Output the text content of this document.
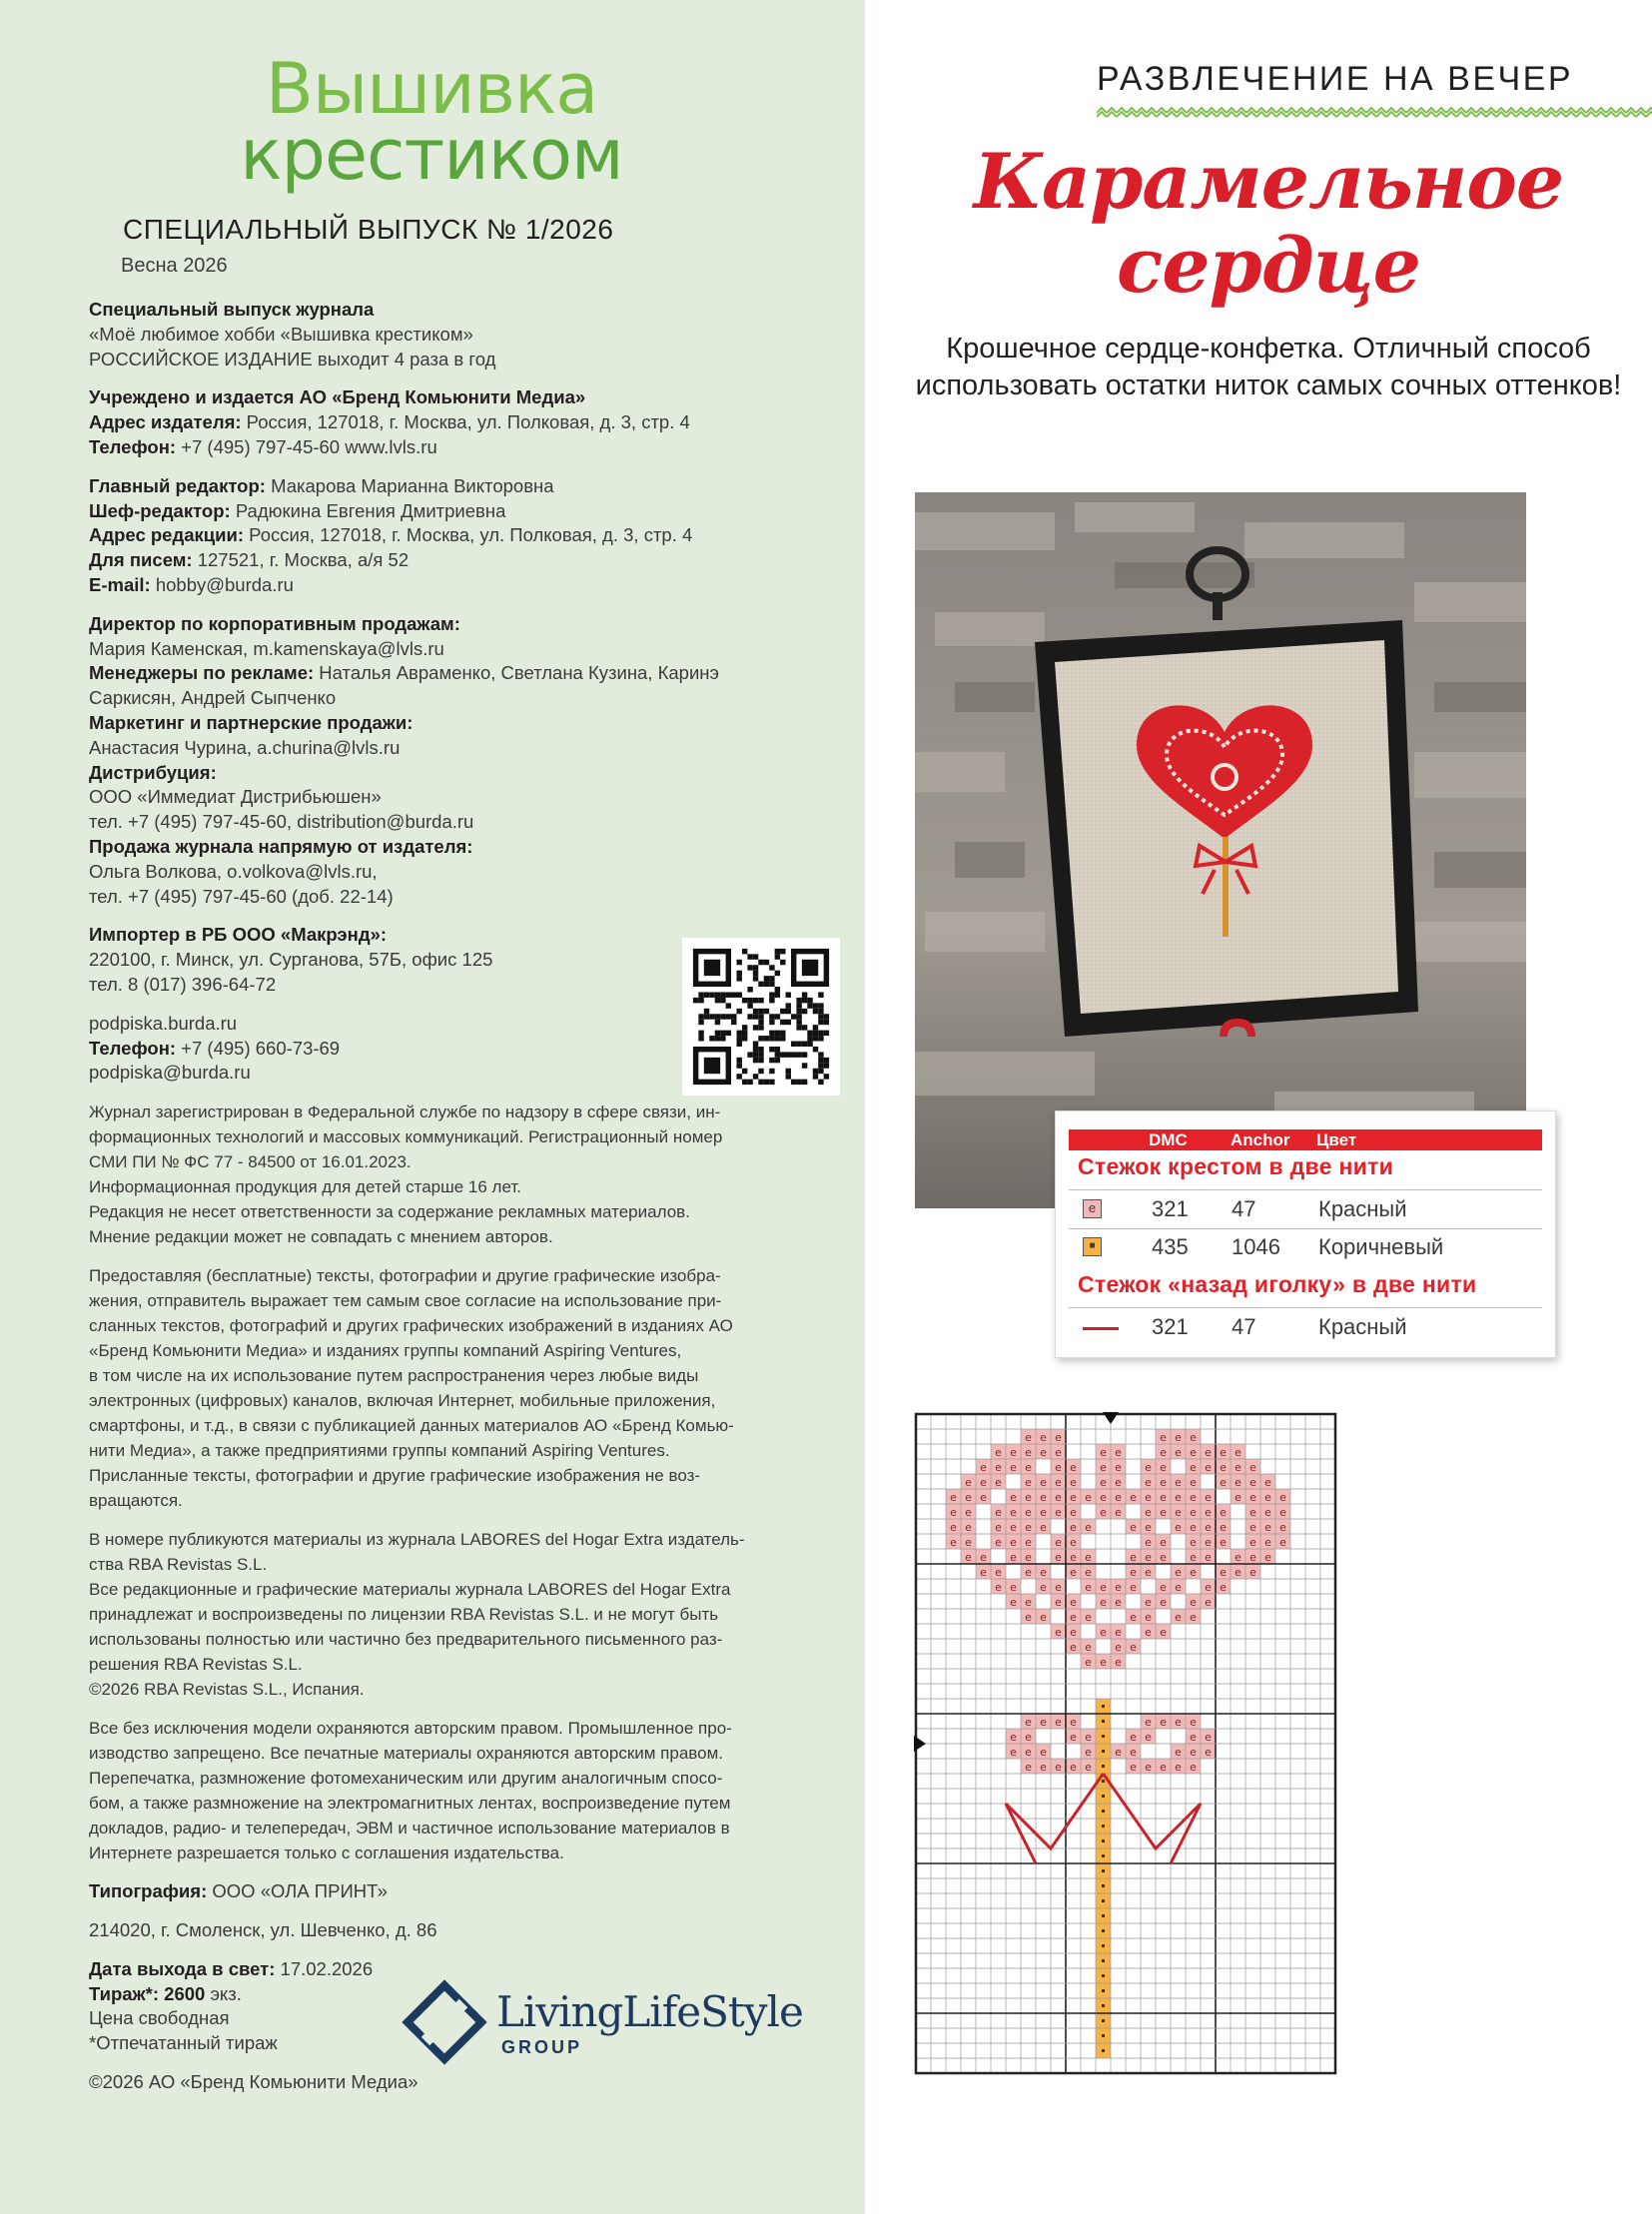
Вышивка
крестиком
СПЕЦИАЛЬНЫЙ ВЫПУСК № 1/2026
Весна 2026
Специальный выпуск журнала
«Моё любимое хобби «Вышивка крестиком»
РОССИЙСКОЕ ИЗДАНИЕ выходит 4 раза в год
Учреждено и издается АО «Бренд Комьюнити Медиа»
Адрес издателя: Россия, 127018, г. Москва, ул. Полковая, д. 3, стр. 4
Телефон: +7 (495) 797-45-60 www.lvls.ru
Главный редактор: Макарова Марианна Викторовна
Шеф-редактор: Радюкина Евгения Дмитриевна
Адрес редакции: Россия, 127018, г. Москва, ул. Полковая, д. 3, стр. 4
Для писем: 127521, г. Москва, а/я 52
E-mail: hobby@burda.ru
Директор по корпоративным продажам:
Мария Каменская, m.kamenskaya@lvls.ru
Менеджеры по рекламе: Наталья Авраменко, Светлана Кузина, Каринэ
Саркисян, Андрей Сыпченко
Маркетинг и партнерские продажи:
Анастасия Чурина, a.churina@lvls.ru
Дистрибуция:
ООО «Иммедиат Дистрибьюшен»
тел. +7 (495) 797-45-60, distribution@burda.ru
Продажа журнала напрямую от издателя:
Ольга Волкова, o.volkova@lvls.ru,
тел. +7 (495) 797-45-60 (доб. 22-14)
Импортер в РБ ООО «Макрэнд»:
220100, г. Минск, ул. Сурганова, 57Б, офис 125
тел. 8 (017) 396-64-72
podpiska.burda.ru
Телефон: +7 (495) 660-73-69
podpiska@burda.ru
Журнал зарегистрирован в Федеральной службе по надзору в сфере связи, ин-
формационных технологий и массовых коммуникаций. Регистрационный номер
СМИ ПИ № ФС 77 - 84500 от 16.01.2023.
Информационная продукция для детей старше 16 лет.
Редакция не несет ответственности за содержание рекламных материалов.
Мнение редакции может не совпадать с мнением авторов.
Предоставляя (бесплатные) тексты, фотографии и другие графические изобра-
жения, отправитель выражает тем самым свое согласие на использование при-
сланных текстов, фотографий и других графических изображений в изданиях АО
«Бренд Комьюнити Медиа» и изданиях группы компаний Aspiring Ventures,
в том числе на их использование путем распространения через любые виды
электронных (цифровых) каналов, включая Интернет, мобильные приложения,
смартфоны, и т.д., в связи с публикацией данных материалов АО «Бренд Комью-
нити Медиа», а также предприятиями группы компаний Aspiring Ventures.
Присланные тексты, фотографии и другие графические изображения не воз-
вращаются.
В номере публикуются материалы из журнала LABORES del Hogar Extra издатель-
ства RBA Revistas S.L.
Все редакционные и графические материалы журнала LABORES del Hogar Extra
принадлежат и воспроизведены по лицензии RBA Revistas S.L. и не могут быть
использованы полностью или частично без предварительного письменного раз-
решения RBA Revistas S.L.
©2026 RBA Revistas S.L., Испания.
Все без исключения модели охраняются авторским правом. Промышленное про-
изводство запрещено. Все печатные материалы охраняются авторским правом.
Перепечатка, размножение фотомеханическим или другим аналогичным спосо-
бом, а также размножение на электромагнитных лентах, воспроизведение путем
докладов, радио- и телепередач, ЭВМ и частичное использование материалов в
Интернете разрешается только с соглашения издательства.
Типография: ООО «ОЛА ПРИНТ»
214020, г. Смоленск, ул. Шевченко, д. 86
Дата выхода в свет: 17.02.2026
Тираж*: 2600 экз.
Цена свободная
*Отпечатанный тираж
©2026 АО «Бренд Комьюнити Медиа»
LivingLifeStyle
GROUP
РАЗВЛЕЧЕНИЕ НА ВЕЧЕР
Карамельное
сердце
Крошечное сердце-конфетка. Отличный способ использовать остатки ниток самых сочных оттенков!
DMC	Anchor Цвет
Стежок крестом в две нити
e	321 47	Красный
■	435 1046 Коричневый
Стежок «назад иголку» в две нити
321 47	Красный
e e e	e e e
e e e e e	e e	e e e e e e
e e e e e e e e e e e e e e e
e e e e e e e e e e e e e e e e e
e e e e e e e e e e e e e e e e e e e e e
e e e e e e e e e e e e e e e e e e e
e e e e e e e e	e e e e e e e e e
e e e e e e e	e e e e e e e e
e e e e e e e	e e e e e e e e
e e e e e e	e e e e e e e
e e e e e e e e e e e e
e e e e e e e e e e
e e e e	e e e e
e e e e e e
e e e e
e e e
e e e e	e e e e
e e	e e	e e	e e
e e e	e e e	e e e
e e e e e	e e e e e
